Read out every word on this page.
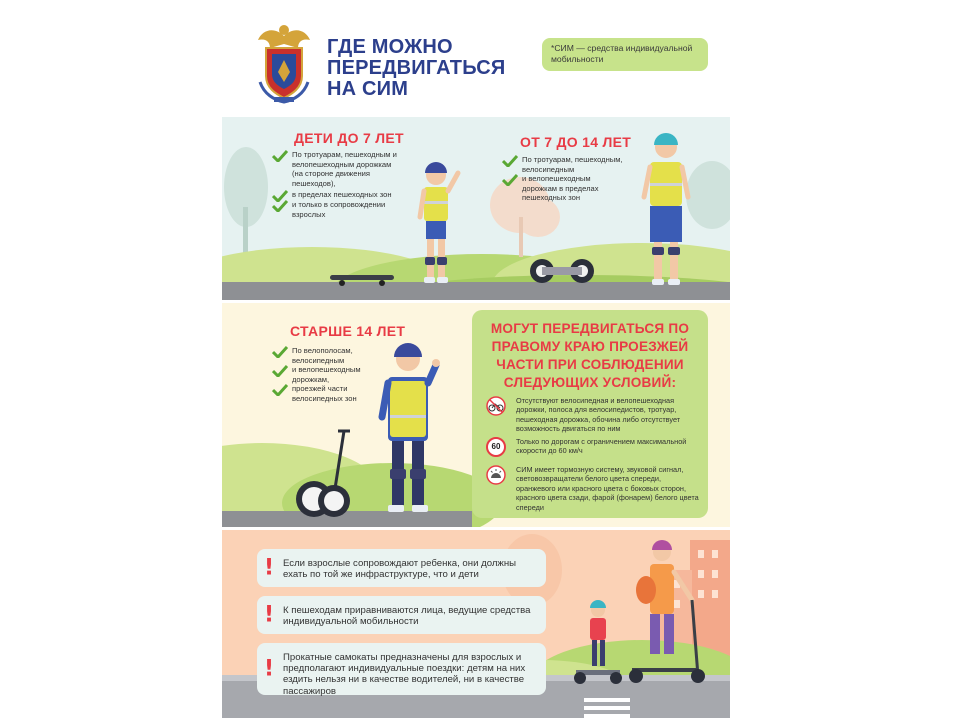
ГДЕ МОЖНО
ПЕРЕДВИГАТЬСЯ
НА СИМ
*СИМ — средства индивидуальной мобильности
ДЕТИ ДО 7 ЛЕТ
По тротуарам, пешеходным и велопешеходным дорожкам (на стороне движения пешеходов),
в пределах пешеходных зон
и только в сопровождении взрослых
ОТ 7 ДО 14 ЛЕТ
По тротуарам, пешеходным, велосипедным
и велопешеходным дорожкам в пределах пешеходных зон
СТАРШЕ 14 ЛЕТ
По велополосам, велосипедным
и велопешеходным дорожкам,
проезжей части велосипедных зон
МОГУТ ПЕРЕДВИГАТЬСЯ ПО ПРАВОМУ КРАЮ ПРОЕЗЖЕЙ ЧАСТИ ПРИ СОБЛЮДЕНИИ СЛЕДУЮЩИХ УСЛОВИЙ:
Отсутствуют велосипедная и велопешеходная дорожки, полоса для велосипедистов, тротуар, пешеходная дорожка, обочина либо отсутствует возможность двигаться по ним
60
Только по дорогам с ограничением максимальной скорости до 60 км/ч
СИМ имеет тормозную систему, звуковой сигнал, световозвращатели белого цвета спереди, оранжевого или красного цвета с боковых сторон, красного цвета сзади, фарой (фонарем) белого цвета спереди
! Если взрослые сопровождают ребенка, они должны ехать по той же инфраструктуре, что и дети
! К пешеходам приравниваются лица, ведущие средства индивидуальной мобильности
! Прокатные самокаты предназначены для взрослых и предполагают индивидуальные поездки: детям на них ездить нельзя ни в качестве водителей, ни в качестве пассажиров
